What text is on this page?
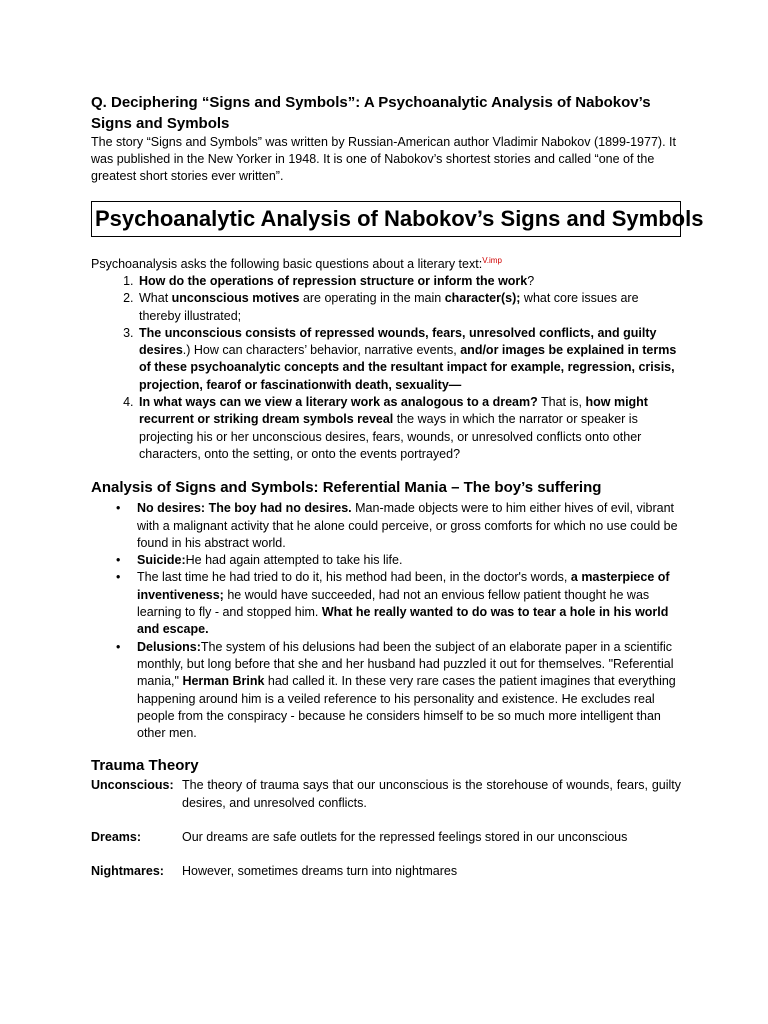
Q. Deciphering “Signs and Symbols”: A Psychoanalytic Analysis of Nabokov’s Signs and Symbols

The story “Signs and Symbols” was written by Russian-American author Vladimir Nabokov (1899-1977). It was published in the New Yorker in 1948. It is one of Nabokov’s shortest stories and called “one of the greatest short stories ever written”.

Psychoanalytic Analysis of Nabokov’s Signs and Symbols

Psychoanalysis asks the following basic questions about a literary text:$^{V.imp}$

1. How do the operations of repression structure or inform the work?
2. What unconscious motives are operating in the main character(s); what core issues are thereby illustrated;
3. The unconscious consists of repressed wounds, fears, unresolved conflicts, and guilty desires.) How can characters’ behavior, narrative events, and/or images be explained in terms of these psychoanalytic concepts and the resultant impact for example, regression, crisis, projection, fearof or fascinationwith death, sexuality—
4. In what ways can we view a literary work as analogous to a dream? That is, how might recurrent or striking dream symbols reveal the ways in which the narrator or speaker is projecting his or her unconscious desires, fears, wounds, or unresolved conflicts onto other characters, onto the setting, or onto the events portrayed?
Analysis of Signs and Symbols: Referential Mania – The boy’s suffering
• No desires: The boy had no desires. Man-made objects were to him either hives of evil, vibrant with a malignant activity that he alone could perceive, or gross comforts for which no use could be found in his abstract world.
• Suicide:He had again attempted to take his life.
• The last time he had tried to do it, his method had been, in the doctor's words, a masterpiece of inventiveness; he would have succeeded, had not an envious fellow patient thought he was learning to fly - and stopped him. What he really wanted to do was to tear a hole in his world and escape.
• Delusions:The system of his delusions had been the subject of an elaborate paper in a scientific monthly, but long before that she and her husband had puzzled it out for themselves. "Referential mania," Herman Brink had called it. In these very rare cases the patient imagines that everything happening around him is a veiled reference to his personality and existence. He excludes real people from the conspiracy - because he considers himself to be so much more intelligent than other men.
Trauma Theory
Unconscious: The theory of trauma says that our unconscious is the storehouse of wounds, fears, guilty desires, and unresolved conflicts.
Dreams:	Our dreams are safe outlets for the repressed feelings stored in our unconscious
Nightmares:	However, sometimes dreams turn into nightmares
